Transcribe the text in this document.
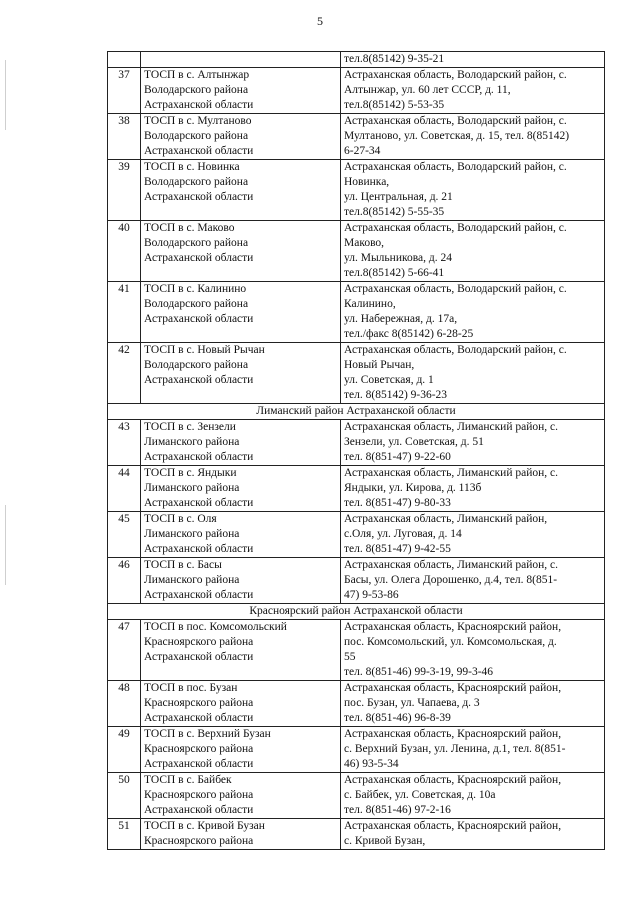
5
		тел.8(85142) 9-35-21
37	ТОСП в с. Алтынжар
Володарского района
Астраханской области	Астраханская область, Володарский район, с.
Алтынжар, ул. 60 лет СССР, д. 11,
тел.8(85142) 5-53-35
38	ТОСП в с. Мултаново
Володарского района
Астраханской области	Астраханская область, Володарский район, с.
Мултаново, ул. Советская, д. 15, тел. 8(85142)
6-27-34
39	ТОСП в с. Новинка
Володарского района
Астраханской области	Астраханская область, Володарский район, с.
Новинка,
ул. Центральная, д. 21
тел.8(85142) 5-55-35
40	ТОСП в с. Маково
Володарского района
Астраханской области	Астраханская область, Володарский район, с.
Маково,
ул. Мыльникова, д. 24
тел.8(85142) 5-66-41
41	ТОСП в с. Калинино
Володарского района
Астраханской области	Астраханская область, Володарский район, с.
Калинино,
ул. Набережная, д. 17а,
тел./факс 8(85142) 6-28-25
42	ТОСП в с. Новый Рычан
Володарского района
Астраханской области	Астраханская область, Володарский район, с.
Новый Рычан,
ул. Советская, д. 1
тел. 8(85142) 9-36-23
Лиманский район Астраханской области		
43	ТОСП в с. Зензели
Лиманского района
Астраханской области	Астраханская область, Лиманский район, с.
Зензели, ул. Советская, д. 51
тел. 8(851-47) 9-22-60
44	ТОСП в с. Яндыки
Лиманского района
Астраханской области	Астраханская область, Лиманский район, с.
Яндыки, ул. Кирова, д. 113б
тел. 8(851-47) 9-80-33
45	ТОСП в с. Оля
Лиманского района
Астраханской области	Астраханская область, Лиманский район,
с.Оля, ул. Луговая, д. 14
тел. 8(851-47) 9-42-55
46	ТОСП в с. Басы
Лиманского района
Астраханской области	Астраханская область, Лиманский район, с.
Басы, ул. Олега Дорошенко, д.4, тел. 8(851-
47) 9-53-86
Красноярский район Астраханской области		
47	ТОСП в пос. Комсомольский
Красноярского района
Астраханской области	Астраханская область, Красноярский район,
пос. Комсомольский, ул. Комсомольская, д.
55
тел. 8(851-46) 99-3-19, 99-3-46
48	ТОСП в пос. Бузан
Красноярского района
Астраханской области	Астраханская область, Красноярский район,
пос. Бузан, ул. Чапаева, д. 3
тел. 8(851-46) 96-8-39
49	ТОСП в с. Верхний Бузан
Красноярского района
Астраханской области	Астраханская область, Красноярский район,
с. Верхний Бузан, ул. Ленина, д.1, тел. 8(851-
46) 93-5-34
50	ТОСП в с. Байбек
Красноярского района
Астраханской области	Астраханская область, Красноярский район,
с. Байбек, ул. Советская, д. 10а
тел. 8(851-46) 97-2-16
51	ТОСП в с. Кривой Бузан
Красноярского района	Астраханская область, Красноярский район,
с. Кривой Бузан,
